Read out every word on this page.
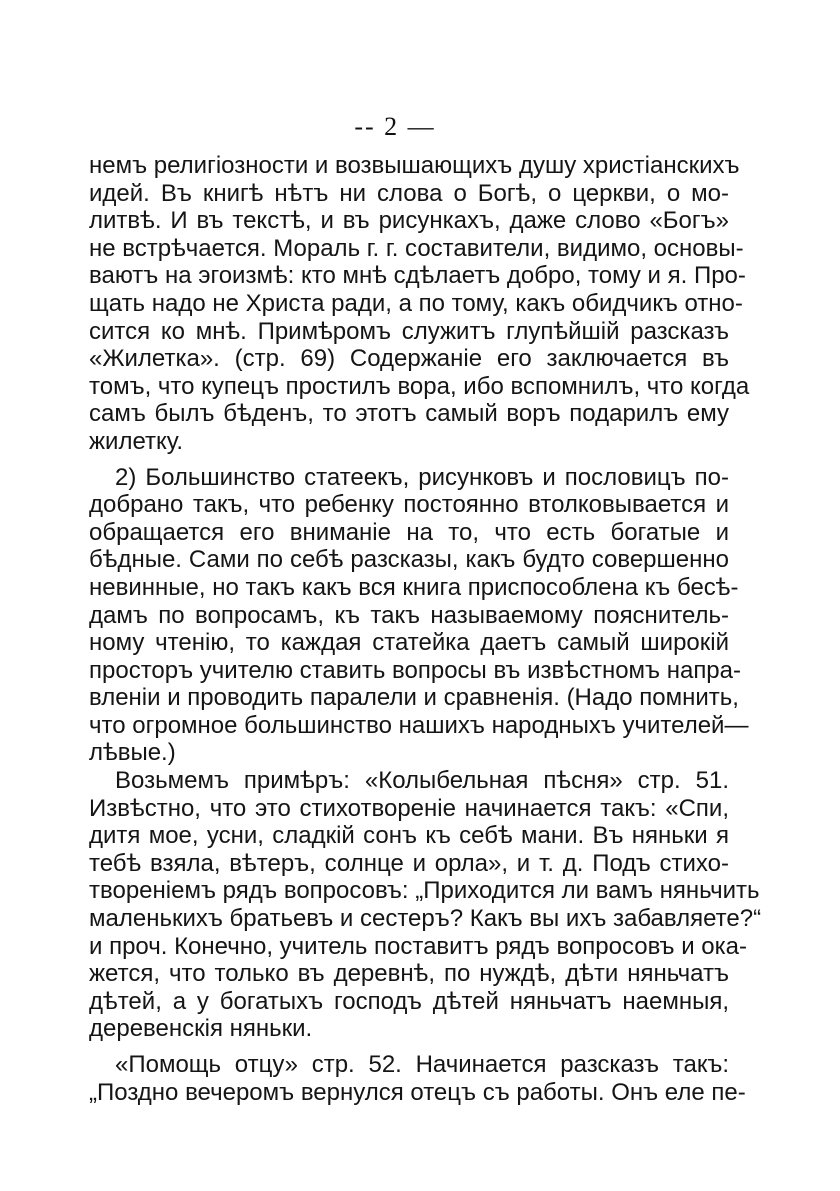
-- 2 —
немъ религiозности и возвышающихъ душу христiанскихъ
идей. Въ книгѣ нѣтъ ни слова о Богѣ, о церкви, о мо-
литвѣ. И въ текстѣ, и въ рисункахъ, даже слово «Богъ»
не встрѣчается. Мораль г. г. составители, видимо, основы-
ваютъ на эгоизмѣ: кто мнѣ сдѣлаетъ добро, тому и я. Про-
щать надо не Христа ради, а по тому, какъ обидчикъ отно-
сится ко мнѣ. Примѣромъ служитъ глупѣйшiй разсказъ
«Жилетка». (стр. 69) Содержанiе его заключается въ
томъ, что купецъ простилъ вора, ибо вспомнилъ, что когда
самъ былъ бѣденъ, то этотъ самый воръ подарилъ ему
жилетку.
2) Большинство статеекъ, рисунковъ и пословицъ по-
добрано такъ, что ребенку постоянно втолковывается и
обращается его вниманiе на то, что есть богатые и
бѣдные. Сами по себѣ разсказы, какъ будто совершенно
невинные, но такъ какъ вся книга приспособлена къ бесѣ-
дамъ по вопросамъ, къ такъ называемому пояснитель-
ному чтенiю, то каждая статейка даетъ самый широкiй
просторъ учителю ставить вопросы въ извѣстномъ напра-
вленiи и проводить паралели и сравненiя. (Надо помнить,
что огромное большинство нашихъ народныхъ учителей—
лѣвые.)
Возьмемъ примѣръ: «Колыбельная пѣсня» стр. 51.
Извѣстно, что это стихотворенiе начинается такъ: «Спи,
дитя мое, усни, сладкiй сонъ къ себѣ мани. Въ няньки я
тебѣ взяла, вѣтеръ, солнце и орла», и т. д. Подъ стихо-
творенiемъ рядъ вопросовъ: „Приходится ли вамъ няньчить
маленькихъ братьевъ и сестеръ? Какъ вы ихъ забавляете?“
и проч. Конечно, учитель поставитъ рядъ вопросовъ и ока-
жется, что только въ деревнѣ, по нуждѣ, дѣти няньчатъ
дѣтей, а у богатыхъ господъ дѣтей няньчатъ наемныя,
деревенскiя няньки.
«Помощь отцу» стр. 52. Начинается разсказъ такъ:
„Поздно вечеромъ вернулся отецъ съ работы. Онъ еле пе-
